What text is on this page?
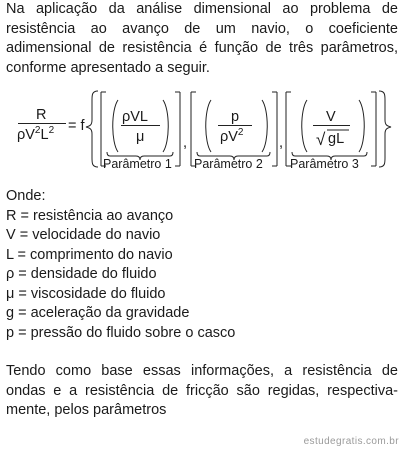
Na aplicação da análise dimensional ao problema de
resistência ao avanço de um navio, o coeficiente
adimensional de resistência é função de três parâmetros,
conforme apresentado a seguir.
R
$\rho V^2L^2 = f$
ρVL
μ
Parâmetro 1
,
p
$\rho V^2$
Parâmetro 2
,
V
√ gL
Parâmetro 3
Onde:
R = resistência ao avanço
V = velocidade do navio
L = comprimento do navio
ρ = densidade do fluido
μ = viscosidade do fluido
g = aceleração da gravidade
p = pressão do fluido sobre o casco
Tendo como base essas informações, a resistência de
ondas e a resistência de fricção são regidas, respectiva-
mente, pelos parâmetros
estudegratis.com.br
